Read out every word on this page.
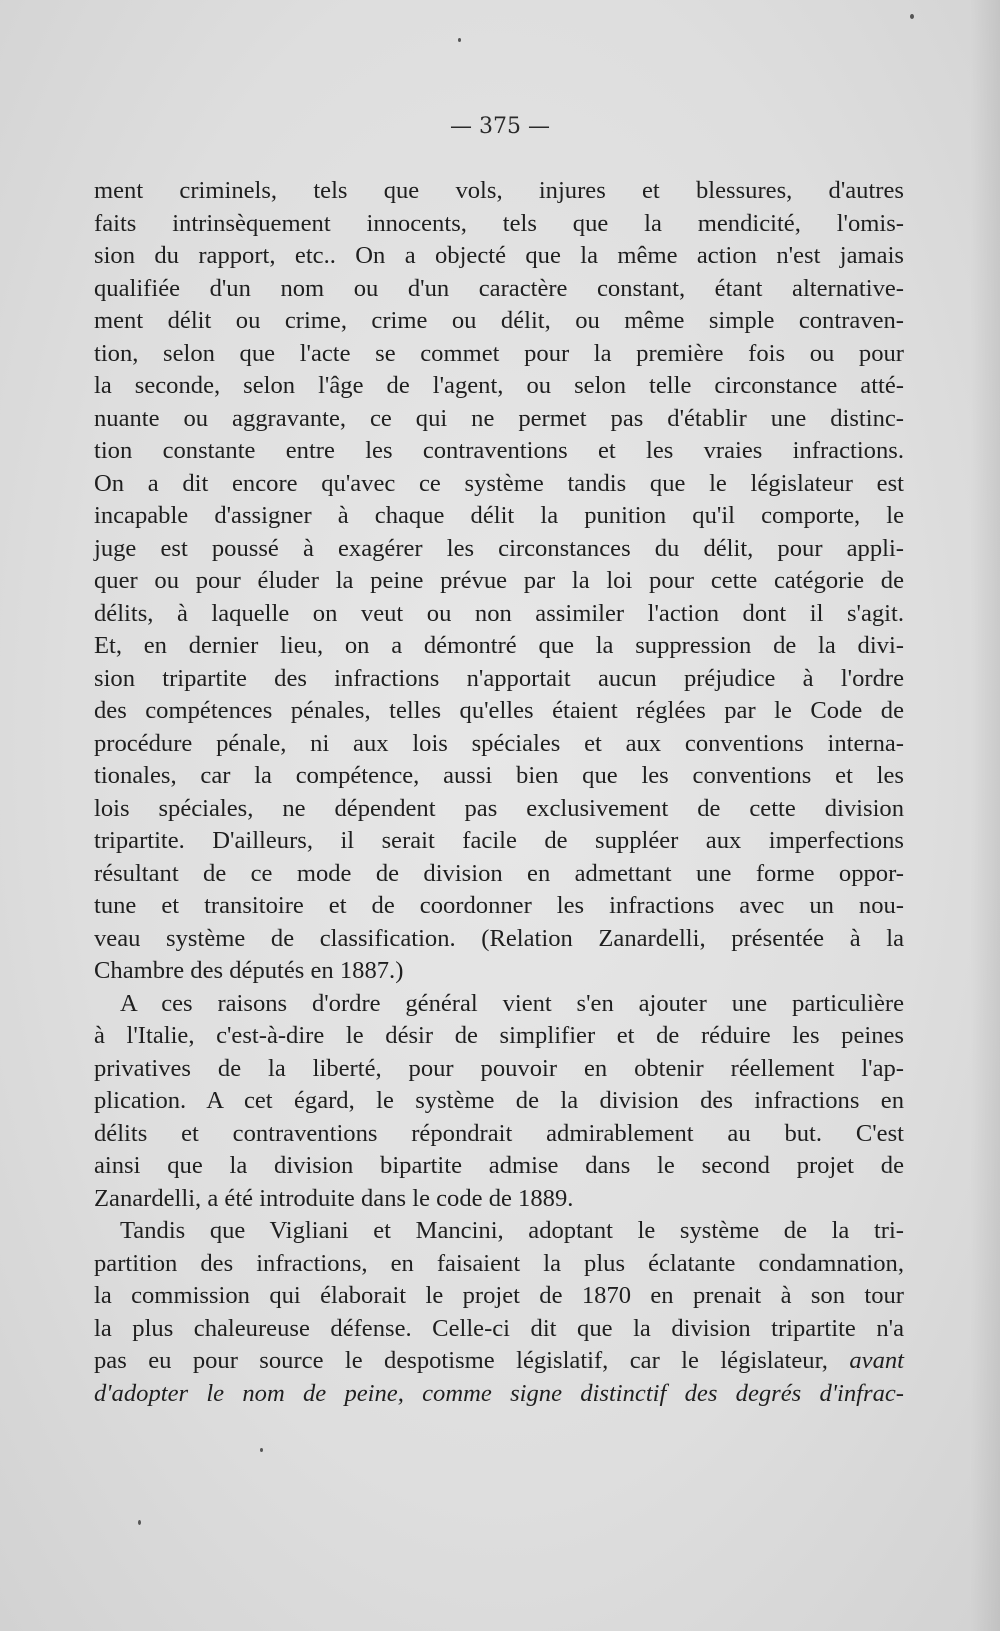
— 375 —
ment criminels, tels que vols, injures et blessures, d'autres
faits intrinsèquement innocents, tels que la mendicité, l'omis-
sion du rapport, etc.. On a objecté que la même action n'est jamais
qualifiée d'un nom ou d'un caractère constant, étant alternative-
ment délit ou crime, crime ou délit, ou même simple contraven-
tion, selon que l'acte se commet pour la première fois ou pour
la seconde, selon l'âge de l'agent, ou selon telle circonstance atté-
nuante ou aggravante, ce qui ne permet pas d'établir une distinc-
tion constante entre les contraventions et les vraies infractions.
On a dit encore qu'avec ce système tandis que le législateur est
incapable d'assigner à chaque délit la punition qu'il comporte, le
juge est poussé à exagérer les circonstances du délit, pour appli-
quer ou pour éluder la peine prévue par la loi pour cette catégorie de
délits, à laquelle on veut ou non assimiler l'action dont il s'agit.
Et, en dernier lieu, on a démontré que la suppression de la divi-
sion tripartite des infractions n'apportait aucun préjudice à l'ordre
des compétences pénales, telles qu'elles étaient réglées par le Code de
procédure pénale, ni aux lois spéciales et aux conventions interna-
tionales, car la compétence, aussi bien que les conventions et les
lois spéciales, ne dépendent pas exclusivement de cette division
tripartite. D'ailleurs, il serait facile de suppléer aux imperfections
résultant de ce mode de division en admettant une forme oppor-
tune et transitoire et de coordonner les infractions avec un nou-
veau système de classification. (Relation Zanardelli, présentée à la
Chambre des députés en 1887.)
A ces raisons d'ordre général vient s'en ajouter une particulière
à l'Italie, c'est-à-dire le désir de simplifier et de réduire les peines
privatives de la liberté, pour pouvoir en obtenir réellement l'ap-
plication. A cet égard, le système de la division des infractions en
délits et contraventions répondrait admirablement au but. C'est
ainsi que la division bipartite admise dans le second projet de
Zanardelli, a été introduite dans le code de 1889.
Tandis que Vigliani et Mancini, adoptant le système de la tri-
partition des infractions, en faisaient la plus éclatante condamnation,
la commission qui élaborait le projet de 1870 en prenait à son tour
la plus chaleureuse défense. Celle-ci dit que la division tripartite n'a
pas eu pour source le despotisme législatif, car le législateur, avant
d'adopter le nom de peine, comme signe distinctif des degrés d'infrac-
